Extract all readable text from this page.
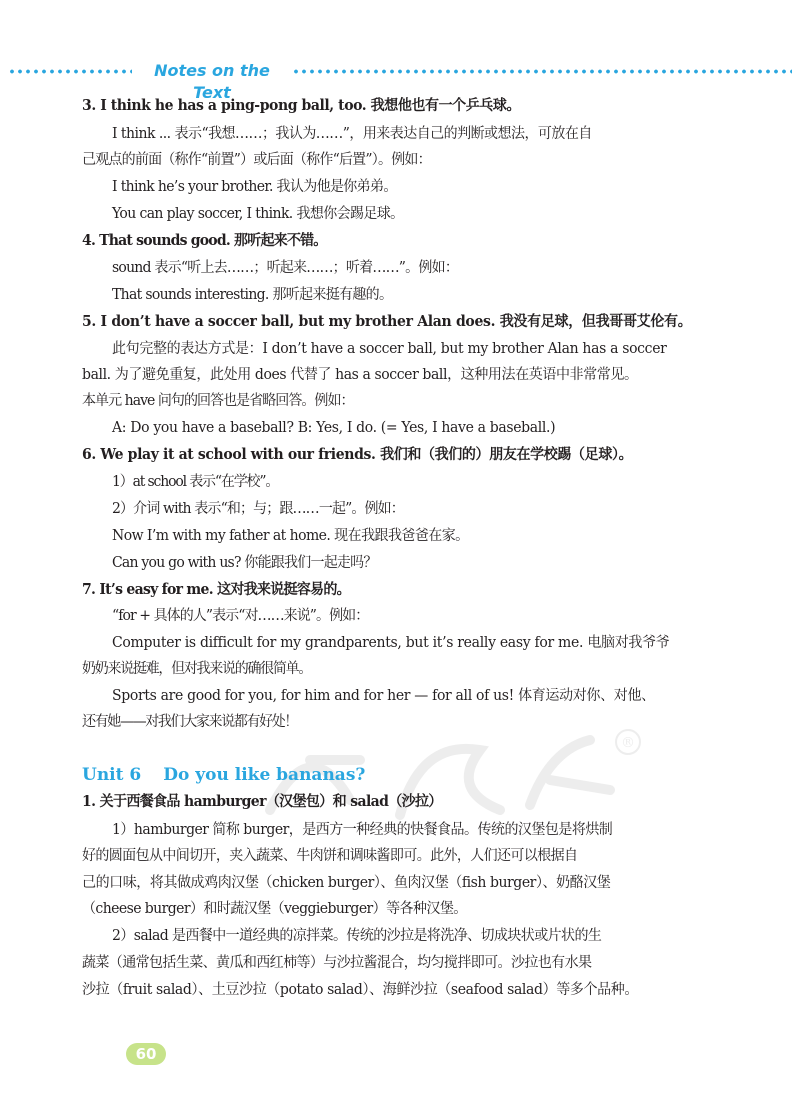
Notes on the Text
®
3. I think he has a ping-pong ball, too. 我想他也有一个乒乓球。
I think ... 表示“我想……；我认为……”，用来表达自己的判断或想法，可放在自
己观点的前面（称作“前置”）或后面（称作“后置”）。例如：
I think he’s your brother. 我认为他是你弟弟。
You can play soccer, I think. 我想你会踢足球。
4. That sounds good. 那听起来不错。
sound 表示“听上去……；听起来……；听着……”。例如：
That sounds interesting. 那听起来挺有趣的。
5. I don’t have a soccer ball, but my brother Alan does. 我没有足球，但我哥哥艾伦有。
此句完整的表达方式是：I don’t have a soccer ball, but my brother Alan has a soccer
ball. 为了避免重复，此处用 does 代替了 has a soccer ball，这种用法在英语中非常常见。
本单元 have 问句的回答也是省略回答。例如：
A: Do you have a baseball? B: Yes, I do. (= Yes, I have a baseball.)
6. We play it at school with our friends. 我们和（我们的）朋友在学校踢（足球）。
1）at school 表示“在学校”。
2）介词 with 表示“和；与；跟……一起”。例如：
Now I’m with my father at home. 现在我跟我爸爸在家。
Can you go with us? 你能跟我们一起走吗？
7. It’s easy for me. 这对我来说挺容易的。
“for + 具体的人”表示“对……来说”。例如：
Computer is difficult for my grandparents, but it’s really easy for me. 电脑对我爷爷
奶奶来说挺难，但对我来说的确很简单。
Sports are good for you, for him and for her — for all of us! 体育运动对你、对他、
还有她——对我们大家来说都有好处！
Unit 6 Do you like bananas?
1. 关于西餐食品 hamburger（汉堡包）和 salad（沙拉）
1）hamburger 简称 burger，是西方一种经典的快餐食品。传统的汉堡包是将烘制
好的圆面包从中间切开，夹入蔬菜、牛肉饼和调味酱即可。此外，人们还可以根据自
己的口味，将其做成鸡肉汉堡（chicken burger）、鱼肉汉堡（fish burger）、奶酪汉堡
（cheese burger）和时蔬汉堡（veggieburger）等各种汉堡。
2）salad 是西餐中一道经典的凉拌菜。传统的沙拉是将洗净、切成块状或片状的生
蔬菜（通常包括生菜、黄瓜和西红柿等）与沙拉酱混合，均匀搅拌即可。沙拉也有水果
沙拉（fruit salad）、土豆沙拉（potato salad）、海鲜沙拉（seafood salad）等多个品种。
60
